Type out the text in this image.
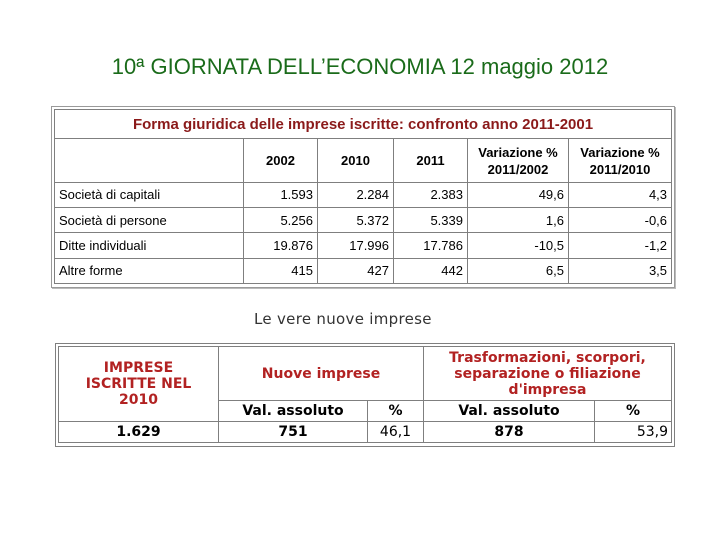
10ª GIORNATA DELL’ECONOMIA 12 maggio 2012
Forma giuridica delle imprese iscritte: confronto anno 2011-2001					
	2002	2010	2011	Variazione % 2011/2002	Variazione % 2011/2010
Società di capitali	1.593	2.284	2.383	49,6	4,3
Società di persone	5.256	5.372	5.339	1,6	-0,6
Ditte individuali	19.876	17.996	17.786	-10,5	-1,2
Altre forme	415	427	442	6,5	3,5
Le vere nuove imprese
IMPRESE ISCRITTE NEL 2010	Nuove imprese		Trasformazioni, scorpori, separazione o filiazione d'impresa	
	Val. assoluto	%	Val. assoluto	%
1.629	751	46,1	878	53,9
